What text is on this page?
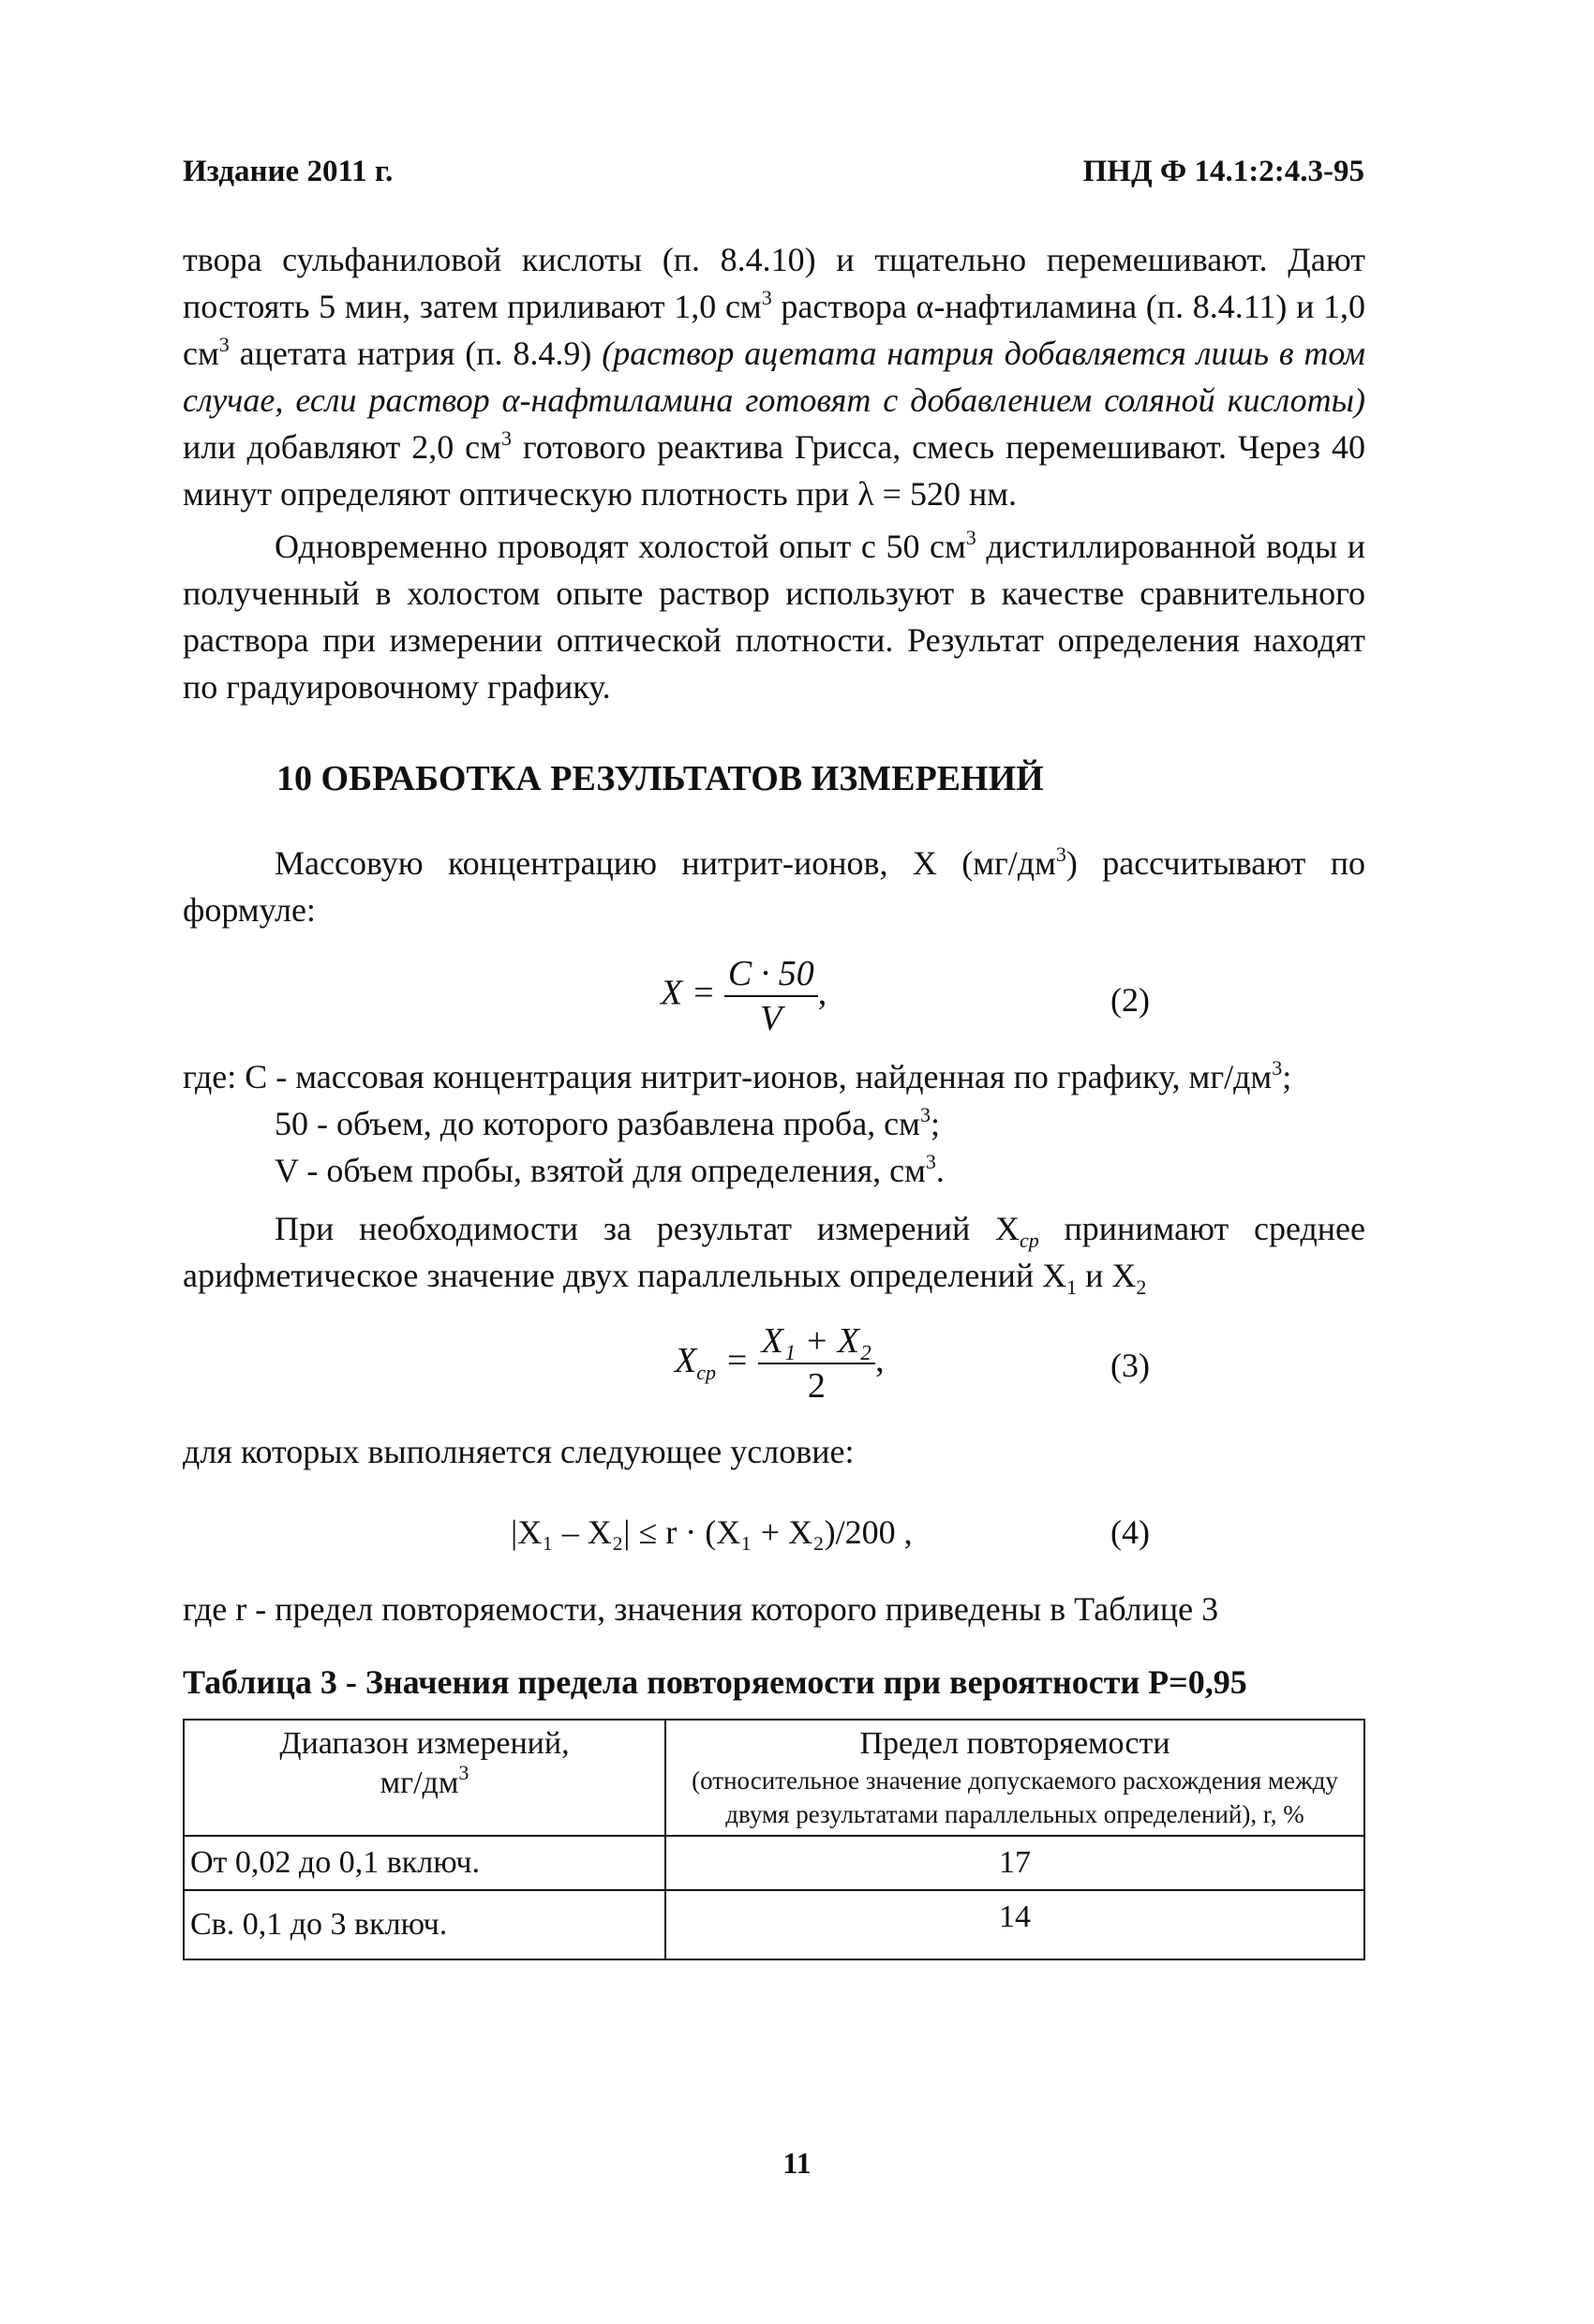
Издание 2011 г.	ПНД Ф 14.1:2:4.3-95

твора сульфаниловой кислоты (п. 8.4.10) и тщательно перемешивают. Дают постоять 5 мин, затем приливают 1,0 $см^3$ раствора α-нафтиламина (п. 8.4.11) и 1,0 $см^3$ ацетата натрия (п. 8.4.9) (раствор ацетата натрия добавляется лишь в том случае, если раствор α-нафтиламина готовят с добавлением соляной кислоты) или добавляют 2,0 $см^3$ готового реактива Грисса, смесь перемешивают. Через 40 минут определяют оптическую плотность при λ = 520 нм.

Одновременно проводят холостой опыт с 50 $см^3$ дистиллированной воды и полученный в холостом опыте раствор используют в качестве сравнительного раствора при измерении оптической плотности. Результат определения находят по градуировочному графику.

10 ОБРАБОТКА РЕЗУЛЬТАТОВ ИЗМЕРЕНИЙ

Массовую концентрацию нитрит-ионов, X $(мг/дм^3)$ рассчитывают по формуле:

$X = \frac{C \cdot 50}{V}$ ,	(2)

где: С - массовая концентрация нитрит-ионов, найденная по графику, $мг/дм^3$;

50 - объем, до которого разбавлена проба, $см^3$;

V - объем пробы, взятой для определения, $см^3$.

При необходимости за результат измерений $X_{ср}$ принимают среднее арифметическое значение двух параллельных определений $X_1$ и $X_2$

$X_{ср} = \frac{\text{X₁ + X₂}}{2}$ ,	(3)

для которых выполняется следующее условие:

|X₁ – X₂| ≤ r · (X₁ + X₂)/200 ,	(4)

где r - предел повторяемости, значения которого приведены в Таблице 3

Таблица 3 - Значения предела повторяемости при вероятности P=0,95
Диапазон измерений,
$мг/дм^3$	Предел повторяемости
(относительное значение допускаемого расхождения между двумя результатами параллельных определений), r, %

От 0,02 до 0,1 включ.	17
Св. 0,1 до 3 включ.	14
11
